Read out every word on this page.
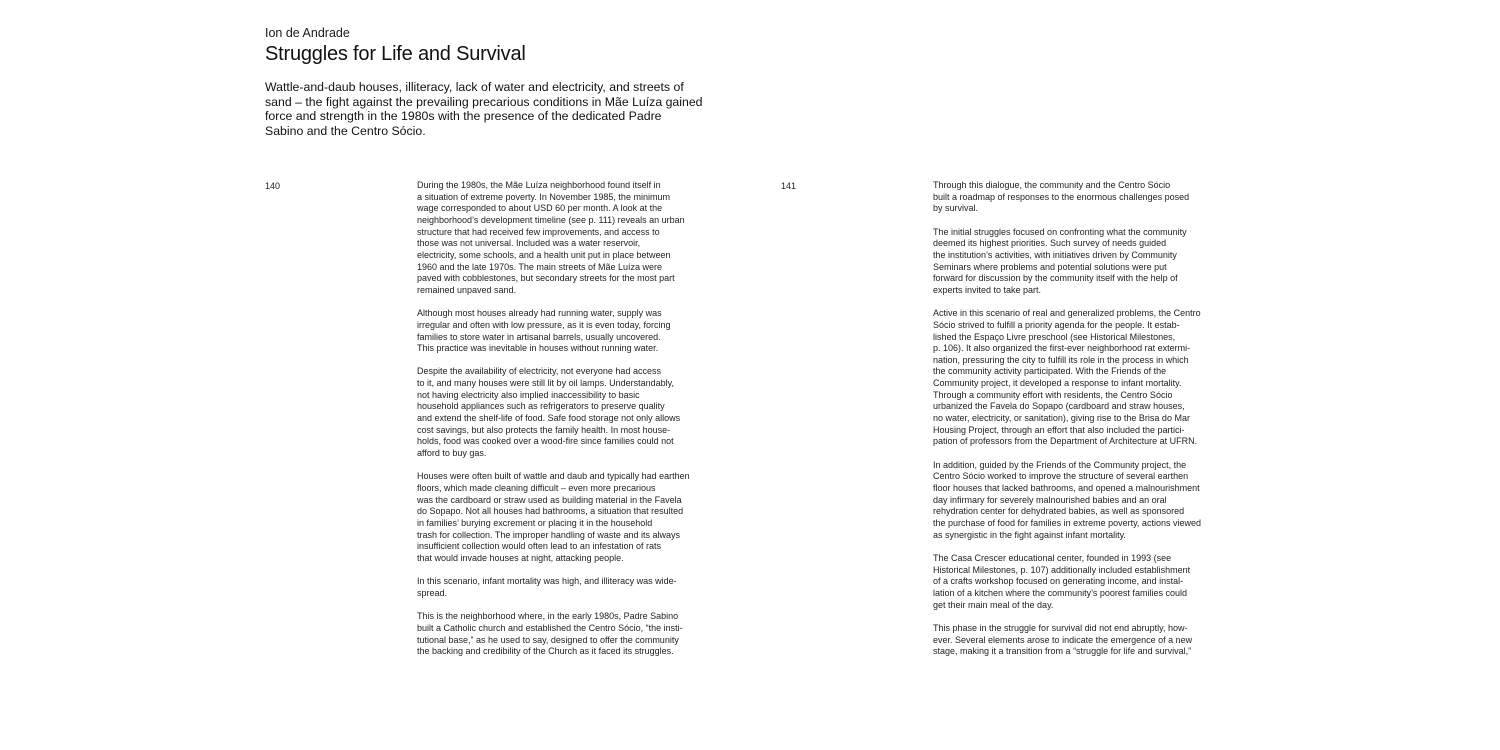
Ion de Andrade
Struggles for Life and Survival
Wattle-and-daub houses, illiteracy, lack of water and electricity, and streets of
sand – the fight against the prevailing precarious conditions in Mãe Luíza gained
force and strength in the 1980s with the presence of the dedicated Padre
Sabino and the Centro Sócio.
140	During the 1980s, the Mãe Luíza neighborhood found itself in
a situation of extreme poverty. In November 1985, the minimum
wage corresponded to about USD 60 per month. A look at the
neighborhood’s development timeline (see p. 111) reveals an urban
structure that had received few improvements, and access to
those was not universal. Included was a water reservoir,
electricity, some schools, and a health unit put in place between
1960 and the late 1970s. The main streets of Mãe Luíza were
paved with cobblestones, but secondary streets for the most part
remained unpaved sand.

Although most houses already had running water, supply was
irregular and often with low pressure, as it is even today, forcing
families to store water in artisanal barrels, usually uncovered.
This practice was inevitable in houses without running water.

Despite the availability of electricity, not everyone had access
to it, and many houses were still lit by oil lamps. Understandably,
not having electricity also implied inaccessibility to basic
household appliances such as refrigerators to preserve quality
and extend the shelf-life of food. Safe food storage not only allows
cost savings, but also protects the family health. In most house-
holds, food was cooked over a wood-fire since families could not
afford to buy gas.

Houses were often built of wattle and daub and typically had earthen
floors, which made cleaning difficult – even more precarious
was the cardboard or straw used as building material in the Favela
do Sopapo. Not all houses had bathrooms, a situation that resulted
in families’ burying excrement or placing it in the household
trash for collection. The improper handling of waste and its always
insufficient collection would often lead to an infestation of rats
that would invade houses at night, attacking people.

In this scenario, infant mortality was high, and illiteracy was wide-
spread.

This is the neighborhood where, in the early 1980s, Padre Sabino
built a Catholic church and established the Centro Sócio, “the insti-
tutional base,” as he used to say, designed to offer the community
the backing and credibility of the Church as it faced its struggles.

141	Through this dialogue, the community and the Centro Sócio
built a roadmap of responses to the enormous challenges posed
by survival.

The initial struggles focused on confronting what the community
deemed its highest priorities. Such survey of needs guided
the institution’s activities, with initiatives driven by Community
Seminars where problems and potential solutions were put
forward for discussion by the community itself with the help of
experts invited to take part.

Active in this scenario of real and generalized problems, the Centro
Sócio strived to fulfill a priority agenda for the people. It estab-
lished the Espaço Livre preschool (see Historical Milestones,
p. 106). It also organized the first-ever neighborhood rat extermi-
nation, pressuring the city to fulfill its role in the process in which
the community activity participated. With the Friends of the
Community project, it developed a response to infant mortality.
Through a community effort with residents, the Centro Sócio
urbanized the Favela do Sopapo (cardboard and straw houses,
no water, electricity, or sanitation), giving rise to the Brisa do Mar
Housing Project, through an effort that also included the partici-
pation of professors from the Department of Architecture at UFRN.

In addition, guided by the Friends of the Community project, the
Centro Sócio worked to improve the structure of several earthen
floor houses that lacked bathrooms, and opened a malnourishment
day infirmary for severely malnourished babies and an oral
rehydration center for dehydrated babies, as well as sponsored
the purchase of food for families in extreme poverty, actions viewed
as synergistic in the fight against infant mortality.

The Casa Crescer educational center, founded in 1993 (see
Historical Milestones, p. 107) additionally included establishment
of a crafts workshop focused on generating income, and instal-
lation of a kitchen where the community’s poorest families could
get their main meal of the day.

This phase in the struggle for survival did not end abruptly, how-
ever. Several elements arose to indicate the emergence of a new
stage, making it a transition from a “struggle for life and survival,”
